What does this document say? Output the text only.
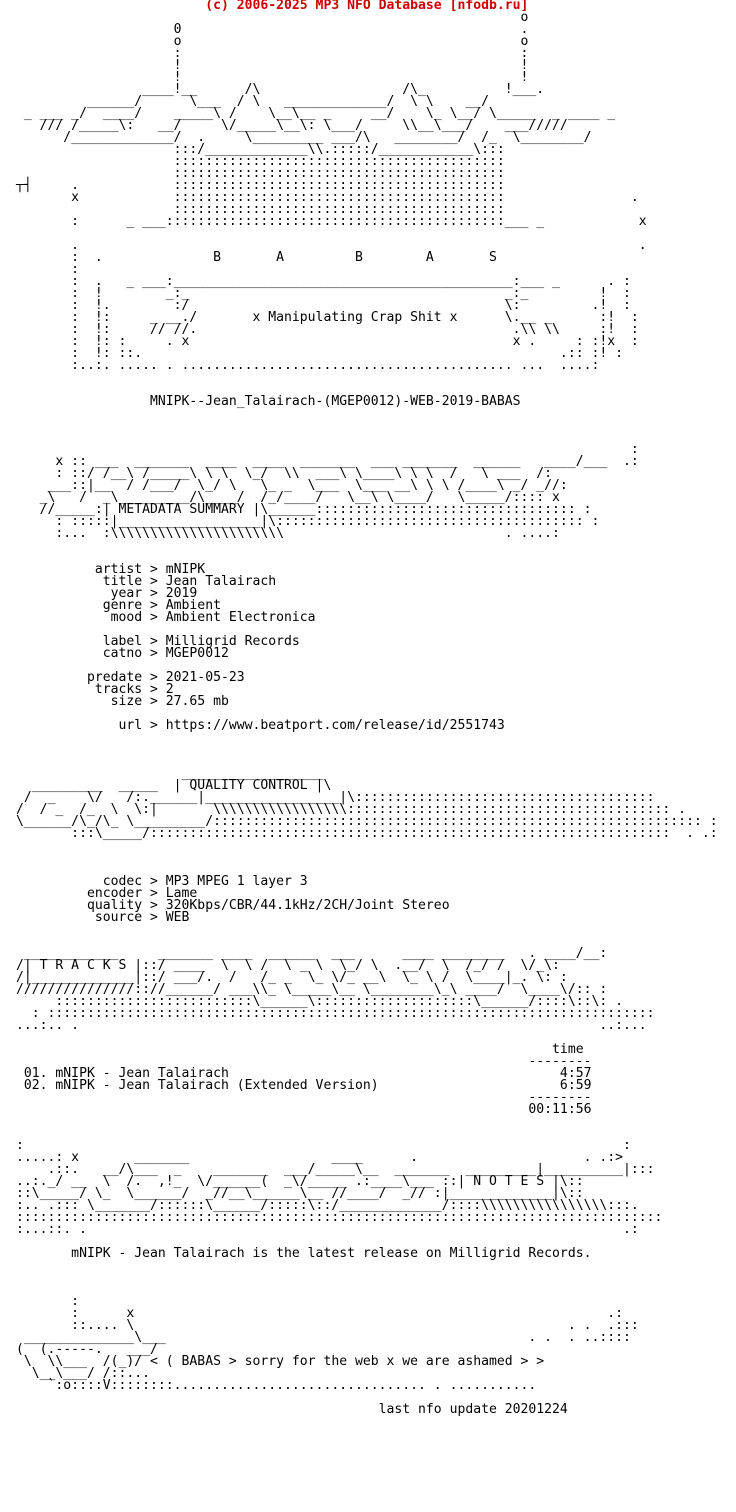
(c) 2006-2025 MP3 NFO Database [nfodb.ru]
o
0                                           .
o                                           o
:                                           :
!                                           !
!                                           !
____!__      /\                  /\_          !___.
______/      \___  / \   _____________/  \ \    __/
_ ___ _/  ____/    _____\ /    \__\__ _     __/    \_ \__/ \_____  _ ____ _
/// /_____\:   __/     \/_____\__\: \___/     \\__\___/    ___/////
/_____________/  .     \_________ ___/\   ________/  /_  \________/
:::/_____________\\.:::::/____________\:::
::::::::::::::::::::::::::::::::::::::::::
::::::::::::::::::::::::::::::::::::::::::
┬┤     .            ::::::::::::::::::::::::::::::::::::::::::
x            ::::::::::::::::::::::::::::::::::::::::::                .
::::::::::::::::::::::::::::::::::::::::::
:      _ ___:::::::::::::::::::::::::::::::::::::::::::___ _            x

.                                                                       .
:  .              B       A         B        A       S
:
:  .   _ ___:___________________________________________:___ _      . :
:  !        _:_                                        _:_         !  :
:  !.        :/                                        \:         .!  :
:  !:     _ __./       x Manipulating Crap Shit x      \.__ _      :!  :
:  !:     // //.                                        .\\ \\     :!  :
:  !: :     . x                                         x .     : :!x  :
:  !: ::.                                                     .:: :! :
:..:. ..... . .......................................... ...  ....:

MNIPK--Jean_Talairach-(MGEP0012)-WEB-2019-BABAS

:
x :: ___  _______  ____  ____  _______  ___ _______  ______   ____/___  .:
: ::/ /__\ /_____\ \ \  \_/  \\  ___\ \____\ \ \  /   \ ___  /:
___::|__  / /___/  \_/ \   \_ _  \___  \___ __\ \ \ /____\ _/ _//:
_\   /  _\_________/\____/  /_/____/   \__\ \____/   \_____/:::: x
//_____:| METADATA SUMMARY |\______::::::::::::::::::::::::::::::::: :
: :::::|__________________|\::::::::::::::::::::::::::::::::::::::: :
:...  :\\\\\\\\\\\\\\\\\\\\\\                            . ....:

artist > mNIPK
title > Jean Talairach
year > 2019
genre > Ambient
mood > Ambient Electronica

label > Milligrid Records
catno > MGEP0012

predate > 2021-05-23
tracks > 2
size > 27.65 mb

url > https://www.beatport.com/release/id/2551743

__________________
_________  _____  | QUALITY CONTROL |\
/  _    \/   /:.______|_________________|\::::::::::::::::::::::::::::::::::::::
/  / _  /_  \  \:|       \\\\\\\\\\\\\\\\\::::::::::::::::::::::::::::::::::::::::: .
\______/\_/\_ \_________/:::::::::::::::::::::::::::::::::::::::::::::::::::::::::::::: :
:::\_____/::::::::::::::::::::::::::::::::::::::::::::::::::::::::::::::::::  . .:

codec > MP3 MPEG 1 layer 3
encoder > Lame
quality > 320Kbps/CBR/44.1kHz/2CH/Joint Stereo
source > WEB

____________     _______ ____  ______  ___      ____ ________   . ____/__:
/| T R A C K S |::/ ____  \  \ /  \ _ \  \_/ \  .__/  \  /_/ /  \/_\:
/|_____________|::/ ___/.  /   /_ _  \_ \/_ __\  \_ \ /  \____|_. \: :
///////////////:://______/ ___\\_ \_____\__ \________\_\ ____/  \____\/:: :
:::::::::::::::::::::::::\______\::::::::::::::::::::\______/::::\::\: .
: :::::::::::::::::::::::::::::::::::::::::::::::::::::::::::::::::::::::::::::
...:.. .                                                                  ..:...

time
--------
01. mNIPK - Jean Talairach                                          4:57
02. mNIPK - Jean Talairach (Extended Version)                       6:59
--------
00:11:56

:                                                                            :
.....: x       _______                  ____      .                     . .:>
.::.   __/\___  _    _______  ___/_____\__  _______  _________|__________|:::
..:._/ __  \  /.  ,!_  \/______(  _\/_____ .:____\___ ::| N O T E S |\::
::\_____/ \_  \______/  _//__\______\__ //____/  _// :|_____________|\::
:.. .::: \_______/::::::\______/:::::\::/_____________/::::\\\\\\\\\\\\\\\\:::.
::::::::::::::::::::::::::::::::::::::::::::::::::::::::::::::::::::::::::::::::::
:...::. .                                                                    .:

mNIPK - Jean Talairach is the latest release on Milligrid Records.

:
:      x                                                            .:
::.... \                                                       . .  .:::
______________\___                                              . .  . ..::::
(  (.-----.   ___/
\  \\___  /(_)/ < ( BABAS > sorry for the web x we are ashamed > >
\__\___/ /::...
`:o::::V::::::::................................ . ...........

last nfo update 20201224
